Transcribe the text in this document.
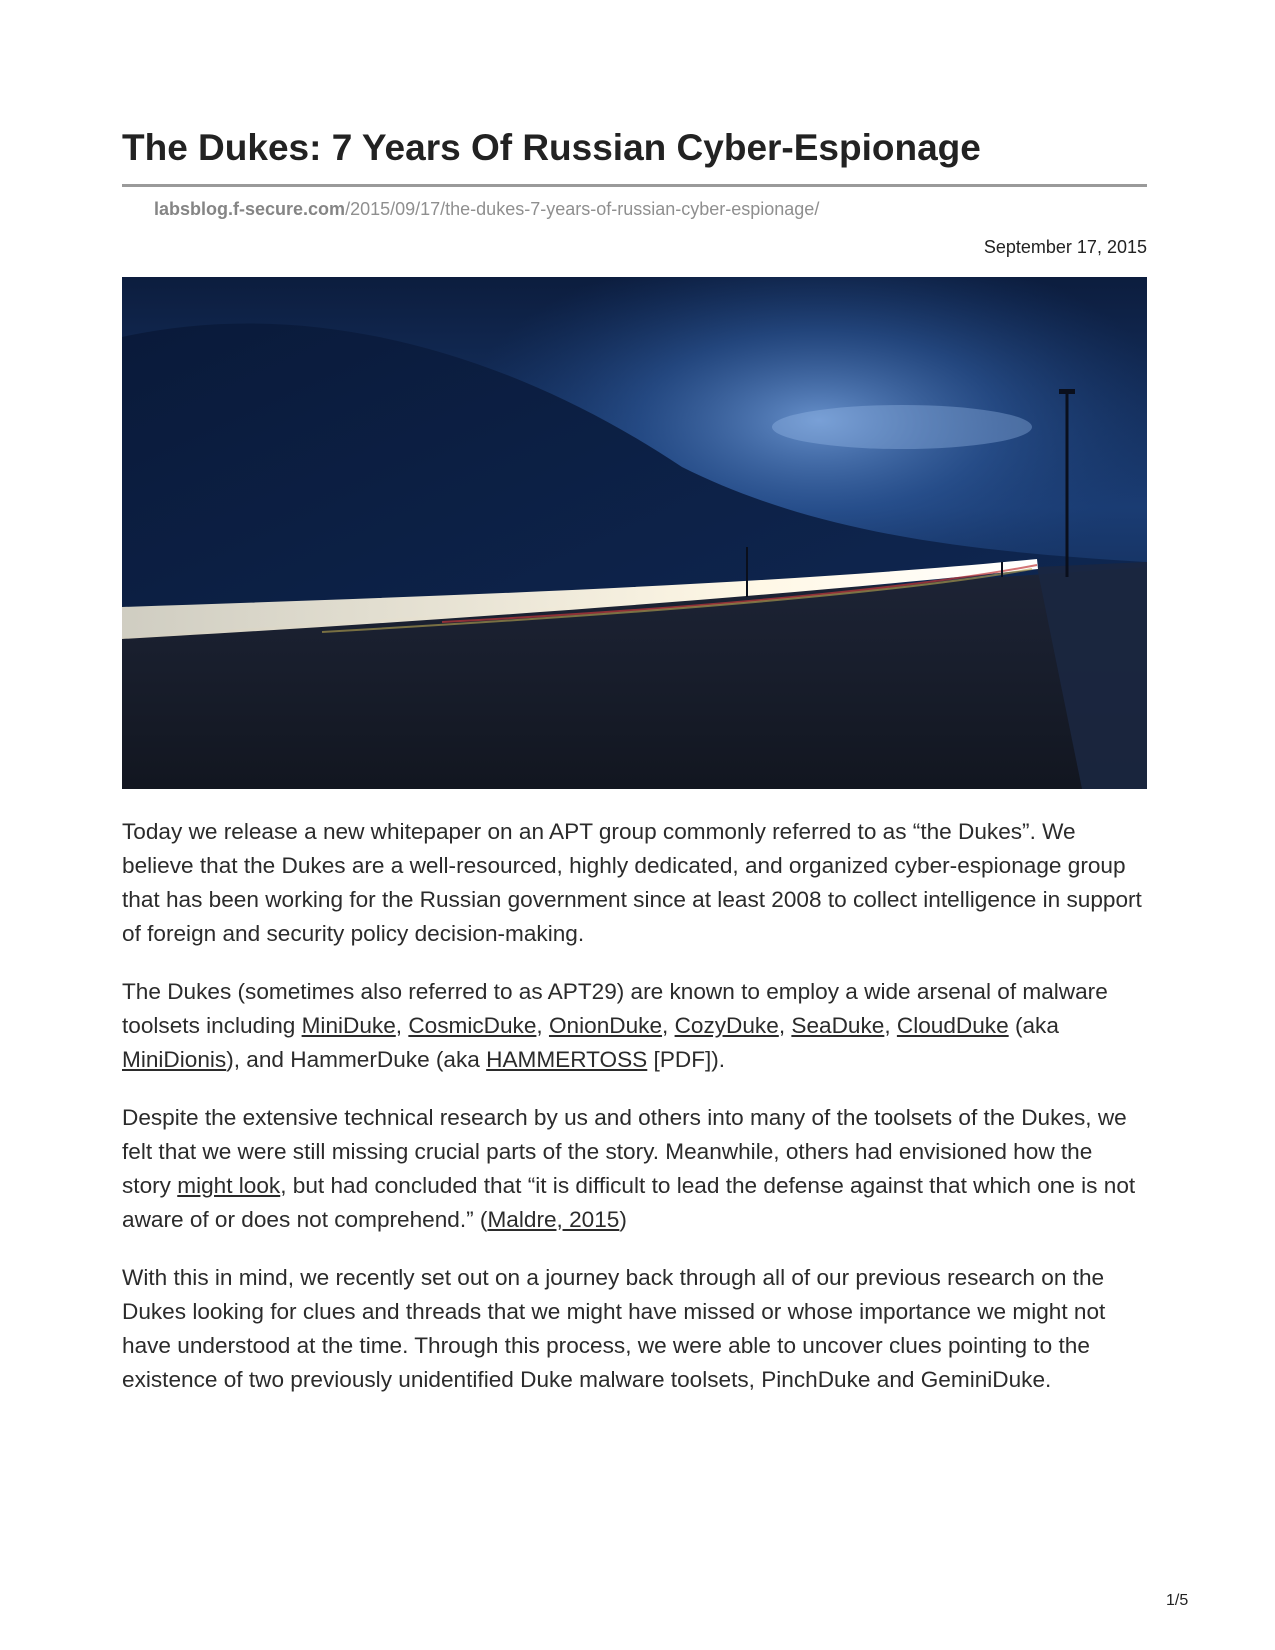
The Dukes: 7 Years Of Russian Cyber-Espionage
labsblog.f-secure.com/2015/09/17/the-dukes-7-years-of-russian-cyber-espionage/
September 17, 2015

Today we release a new whitepaper on an APT group commonly referred to as “the Dukes”. We believe that the Dukes are a well-resourced, highly dedicated, and organized cyber-espionage group that has been working for the Russian government since at least 2008 to collect intelligence in support of foreign and security policy decision-making.

The Dukes (sometimes also referred to as APT29) are known to employ a wide arsenal of malware toolsets including MiniDuke, CosmicDuke, OnionDuke, CozyDuke, SeaDuke, CloudDuke (aka MiniDionis), and HammerDuke (aka HAMMERTOSS [PDF]).

Despite the extensive technical research by us and others into many of the toolsets of the Dukes, we felt that we were still missing crucial parts of the story. Meanwhile, others had envisioned how the story might look, but had concluded that “it is difficult to lead the defense against that which one is not aware of or does not comprehend.” (Maldre, 2015)

With this in mind, we recently set out on a journey back through all of our previous research on the Dukes looking for clues and threads that we might have missed or whose importance we might not have understood at the time. Through this process, we were able to uncover clues pointing to the existence of two previously unidentified Duke malware toolsets, PinchDuke and GeminiDuke.

1/5
